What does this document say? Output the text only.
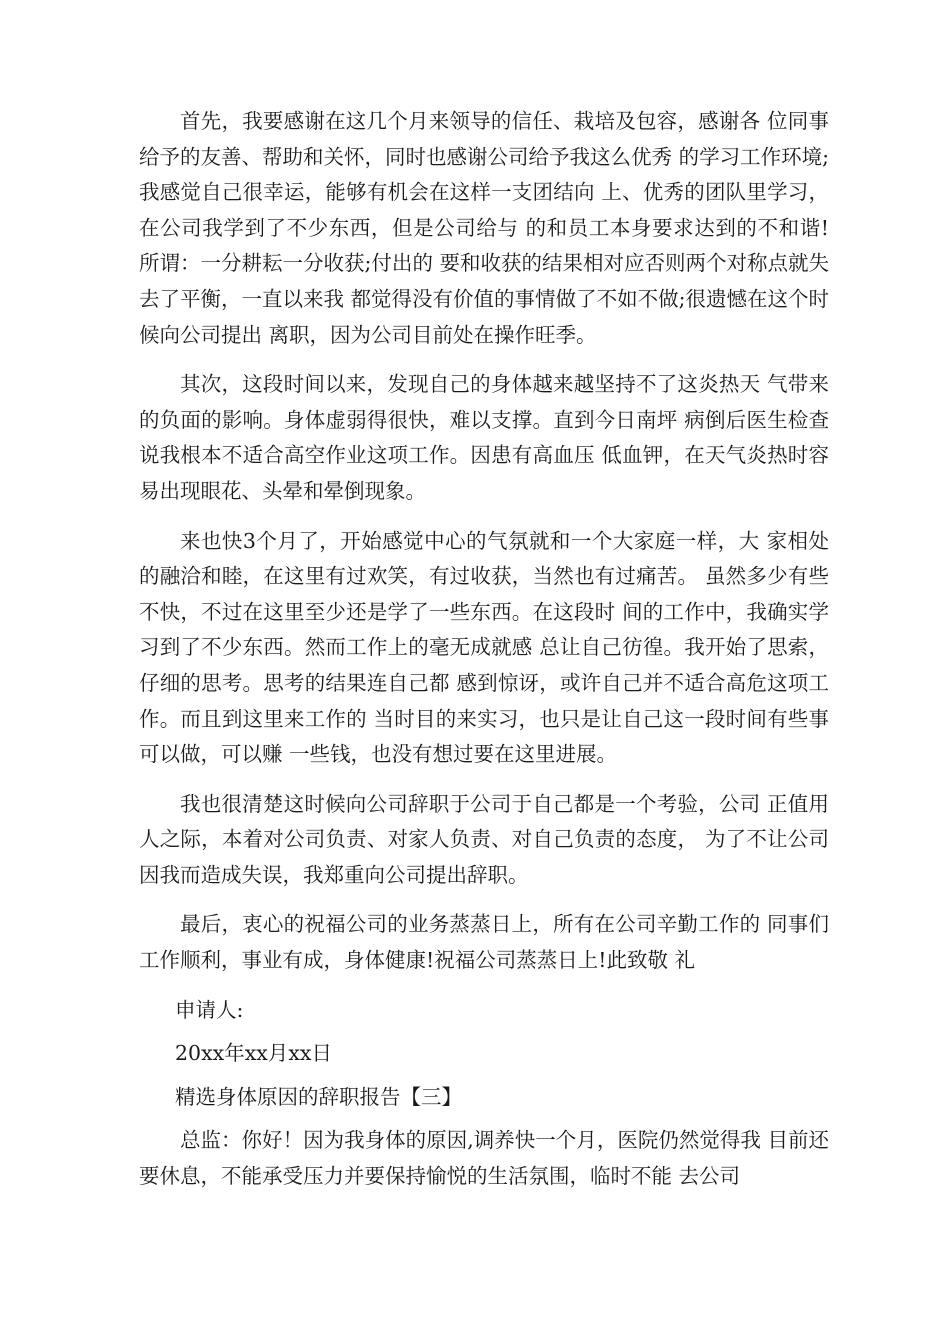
首先，我要感谢在这几个月来领导的信任、栽培及包容，感谢各 位同事给予的友善、帮助和关怀，同时也感谢公司给予我这么优秀 的学习工作环境;我感觉自己很幸运，能够有机会在这样一支团结向 上、优秀的团队里学习，在公司我学到了不少东西，但是公司给与 的和员工本身要求达到的不和谐!所谓：一分耕耘一分收获;付出的 要和收获的结果相对应否则两个对称点就失去了平衡，一直以来我 都觉得没有价值的事情做了不如不做;很遗憾在这个时候向公司提出 离职，因为公司目前处在操作旺季。

其次，这段时间以来，发现自己的身体越来越坚持不了这炎热天 气带来的负面的影响。身体虚弱得很快，难以支撑。直到今日南坪 病倒后医生检查说我根本不适合高空作业这项工作。因患有高血压 低血钾，在天气炎热时容易出现眼花、头晕和晕倒现象。

来也快3个月了，开始感觉中心的气氛就和一个大家庭一样，大 家相处的融洽和睦，在这里有过欢笑，有过收获，当然也有过痛苦。 虽然多少有些不快，不过在这里至少还是学了一些东西。在这段时 间的工作中，我确实学习到了不少东西。然而工作上的毫无成就感 总让自己彷徨。我开始了思索，仔细的思考。思考的结果连自己都 感到惊讶，或许自己并不适合高危这项工作。而且到这里来工作的 当时目的来实习，也只是让自己这一段时间有些事可以做，可以赚 一些钱，也没有想过要在这里进展。

我也很清楚这时候向公司辞职于公司于自己都是一个考验，公司 正值用人之际，本着对公司负责、对家人负责、对自己负责的态度， 为了不让公司因我而造成失误，我郑重向公司提出辞职。

最后，衷心的祝福公司的业务蒸蒸日上，所有在公司辛勤工作的 同事们工作顺利，事业有成，身体健康!祝福公司蒸蒸日上!此致敬 礼

申请人:
20xx年xx月xx日
精选身体原因的辞职报告【三】

总监：你好！因为我身体的原因,调养快一个月，医院仍然觉得我 目前还要休息，不能承受压力并要保持愉悦的生活氛围，临时不能 去公司
